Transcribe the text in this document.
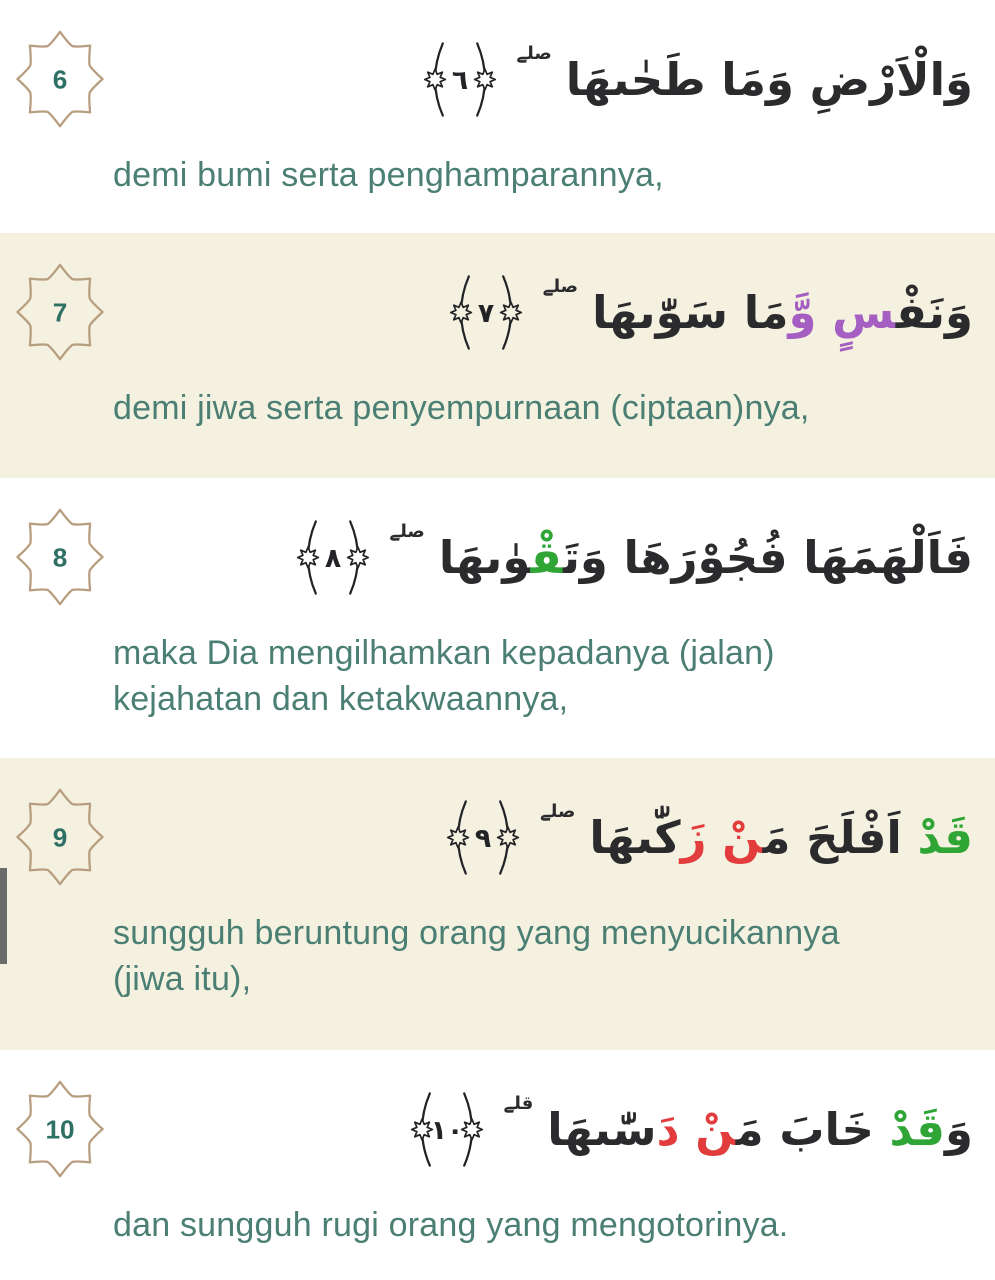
6	وَالْاَرْضِ وَمَا طَحٰىهَا
صلے
٦
demi bumi serta penghamparannya,
7	وَنَفْ‍‍سٍ وَّمَا سَوّٰىهَا
صلے
٧
demi jiwa serta penyempurnaan (ciptaan)nya,
8	فَاَلْهَمَهَا فُجُوْرَهَا وَتَ‍‍قْوٰىهَا
صلے
٨
maka Dia mengilhamkan kepadanya (jalan)
kejahatan dan ketakwaannya,
9	قَدْ اَفْلَحَ مَ‍‍نْ زَكّٰىهَا
صلے
٩
sungguh beruntung orang yang menyucikannya
(jiwa itu),
10	وَقَدْ خَابَ مَ‍‍نْ دَسّٰىهَا
قلے
١٠
dan sungguh rugi orang yang mengotorinya.
